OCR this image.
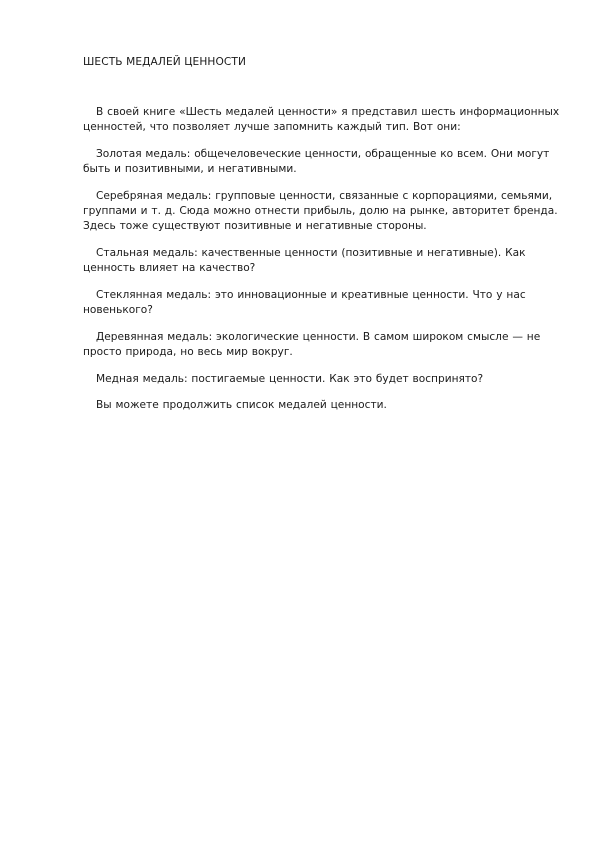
ШЕСТЬ МЕДАЛЕЙ ЦЕННОСТИ

В своей книге «Шесть медалей ценности» я представил шесть информационных ценностей, что позволяет лучше запомнить каждый тип. Вот они:

Золотая медаль: общечеловеческие ценности, обращенные ко всем. Они могут быть и позитивными, и негативными.

Серебряная медаль: групповые ценности, связанные с корпорациями, семьями, группами и т. д. Сюда можно отнести прибыль, долю на рынке, авторитет бренда. Здесь тоже существуют позитивные и негативные стороны.

Стальная медаль: качественные ценности (позитивные и негативные). Как ценность влияет на качество?

Стеклянная медаль: это инновационные и креативные ценности. Что у нас новенького?

Деревянная медаль: экологические ценности. В самом широком смысле — не просто природа, но весь мир вокруг.

Медная медаль: постигаемые ценности. Как это будет воспринято?

Вы можете продолжить список медалей ценности.
